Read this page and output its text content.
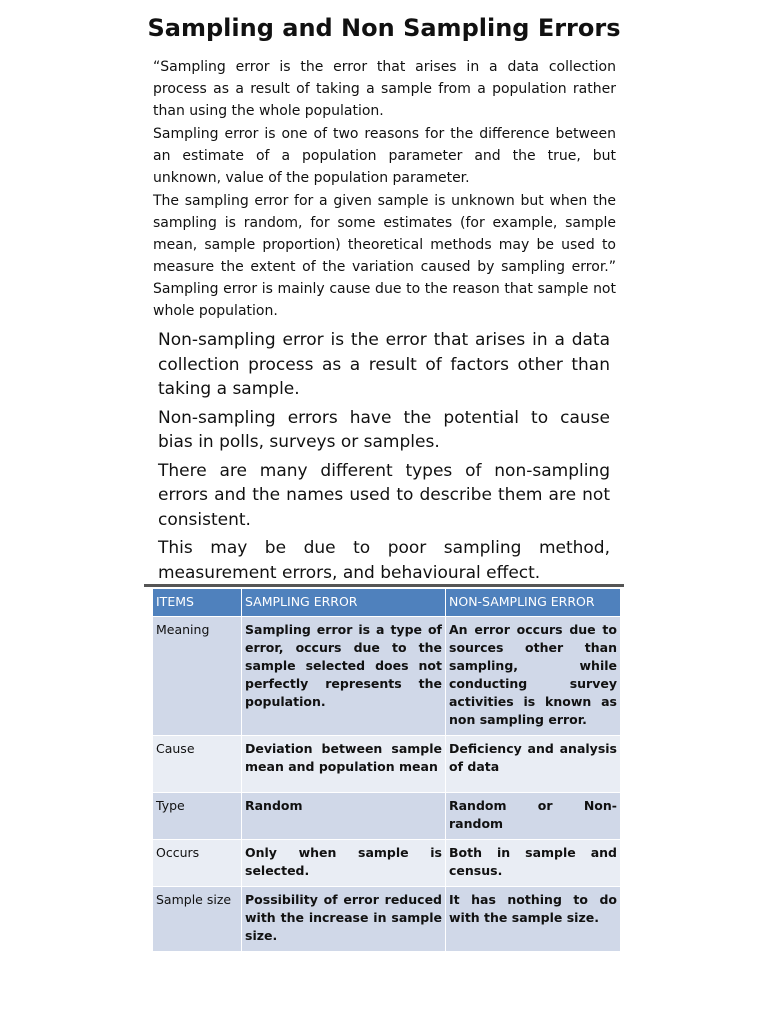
Sampling and Non Sampling Errors

“Sampling error is the error that arises in a data collection process as a result of taking a sample from a population rather than using the whole population.

Sampling error is one of two reasons for the difference between an estimate of a population parameter and the true, but unknown, value of the population parameter.

The sampling error for a given sample is unknown but when the sampling is random, for some estimates (for example, sample mean, sample proportion) theoretical methods may be used to measure the extent of the variation caused by sampling error.” Sampling error is mainly cause due to the reason that sample not whole population.

Non-sampling error is the error that arises in a data collection process as a result of factors other than taking a sample.

Non-sampling errors have the potential to cause bias in polls, surveys or samples.

There are many different types of non-sampling errors and the names used to describe them are not consistent.

This may be due to poor sampling method, measurement errors, and behavioural effect.

ITEMS	SAMPLING ERROR	NON-SAMPLING ERROR
Meaning	Sampling error is a type of error, occurs due to the sample selected does not perfectly represents the population.	An error occurs due to sources other than sampling, while conducting survey activities is known as non sampling error.
Cause	Deviation between sample mean and population mean	Deficiency and analysis of data
Type	Random	Random or Non-random
Occurs	Only when sample is selected.	Both in sample and census.
Sample size	Possibility of error reduced with the increase in sample size.	It has nothing to do with the sample size.
